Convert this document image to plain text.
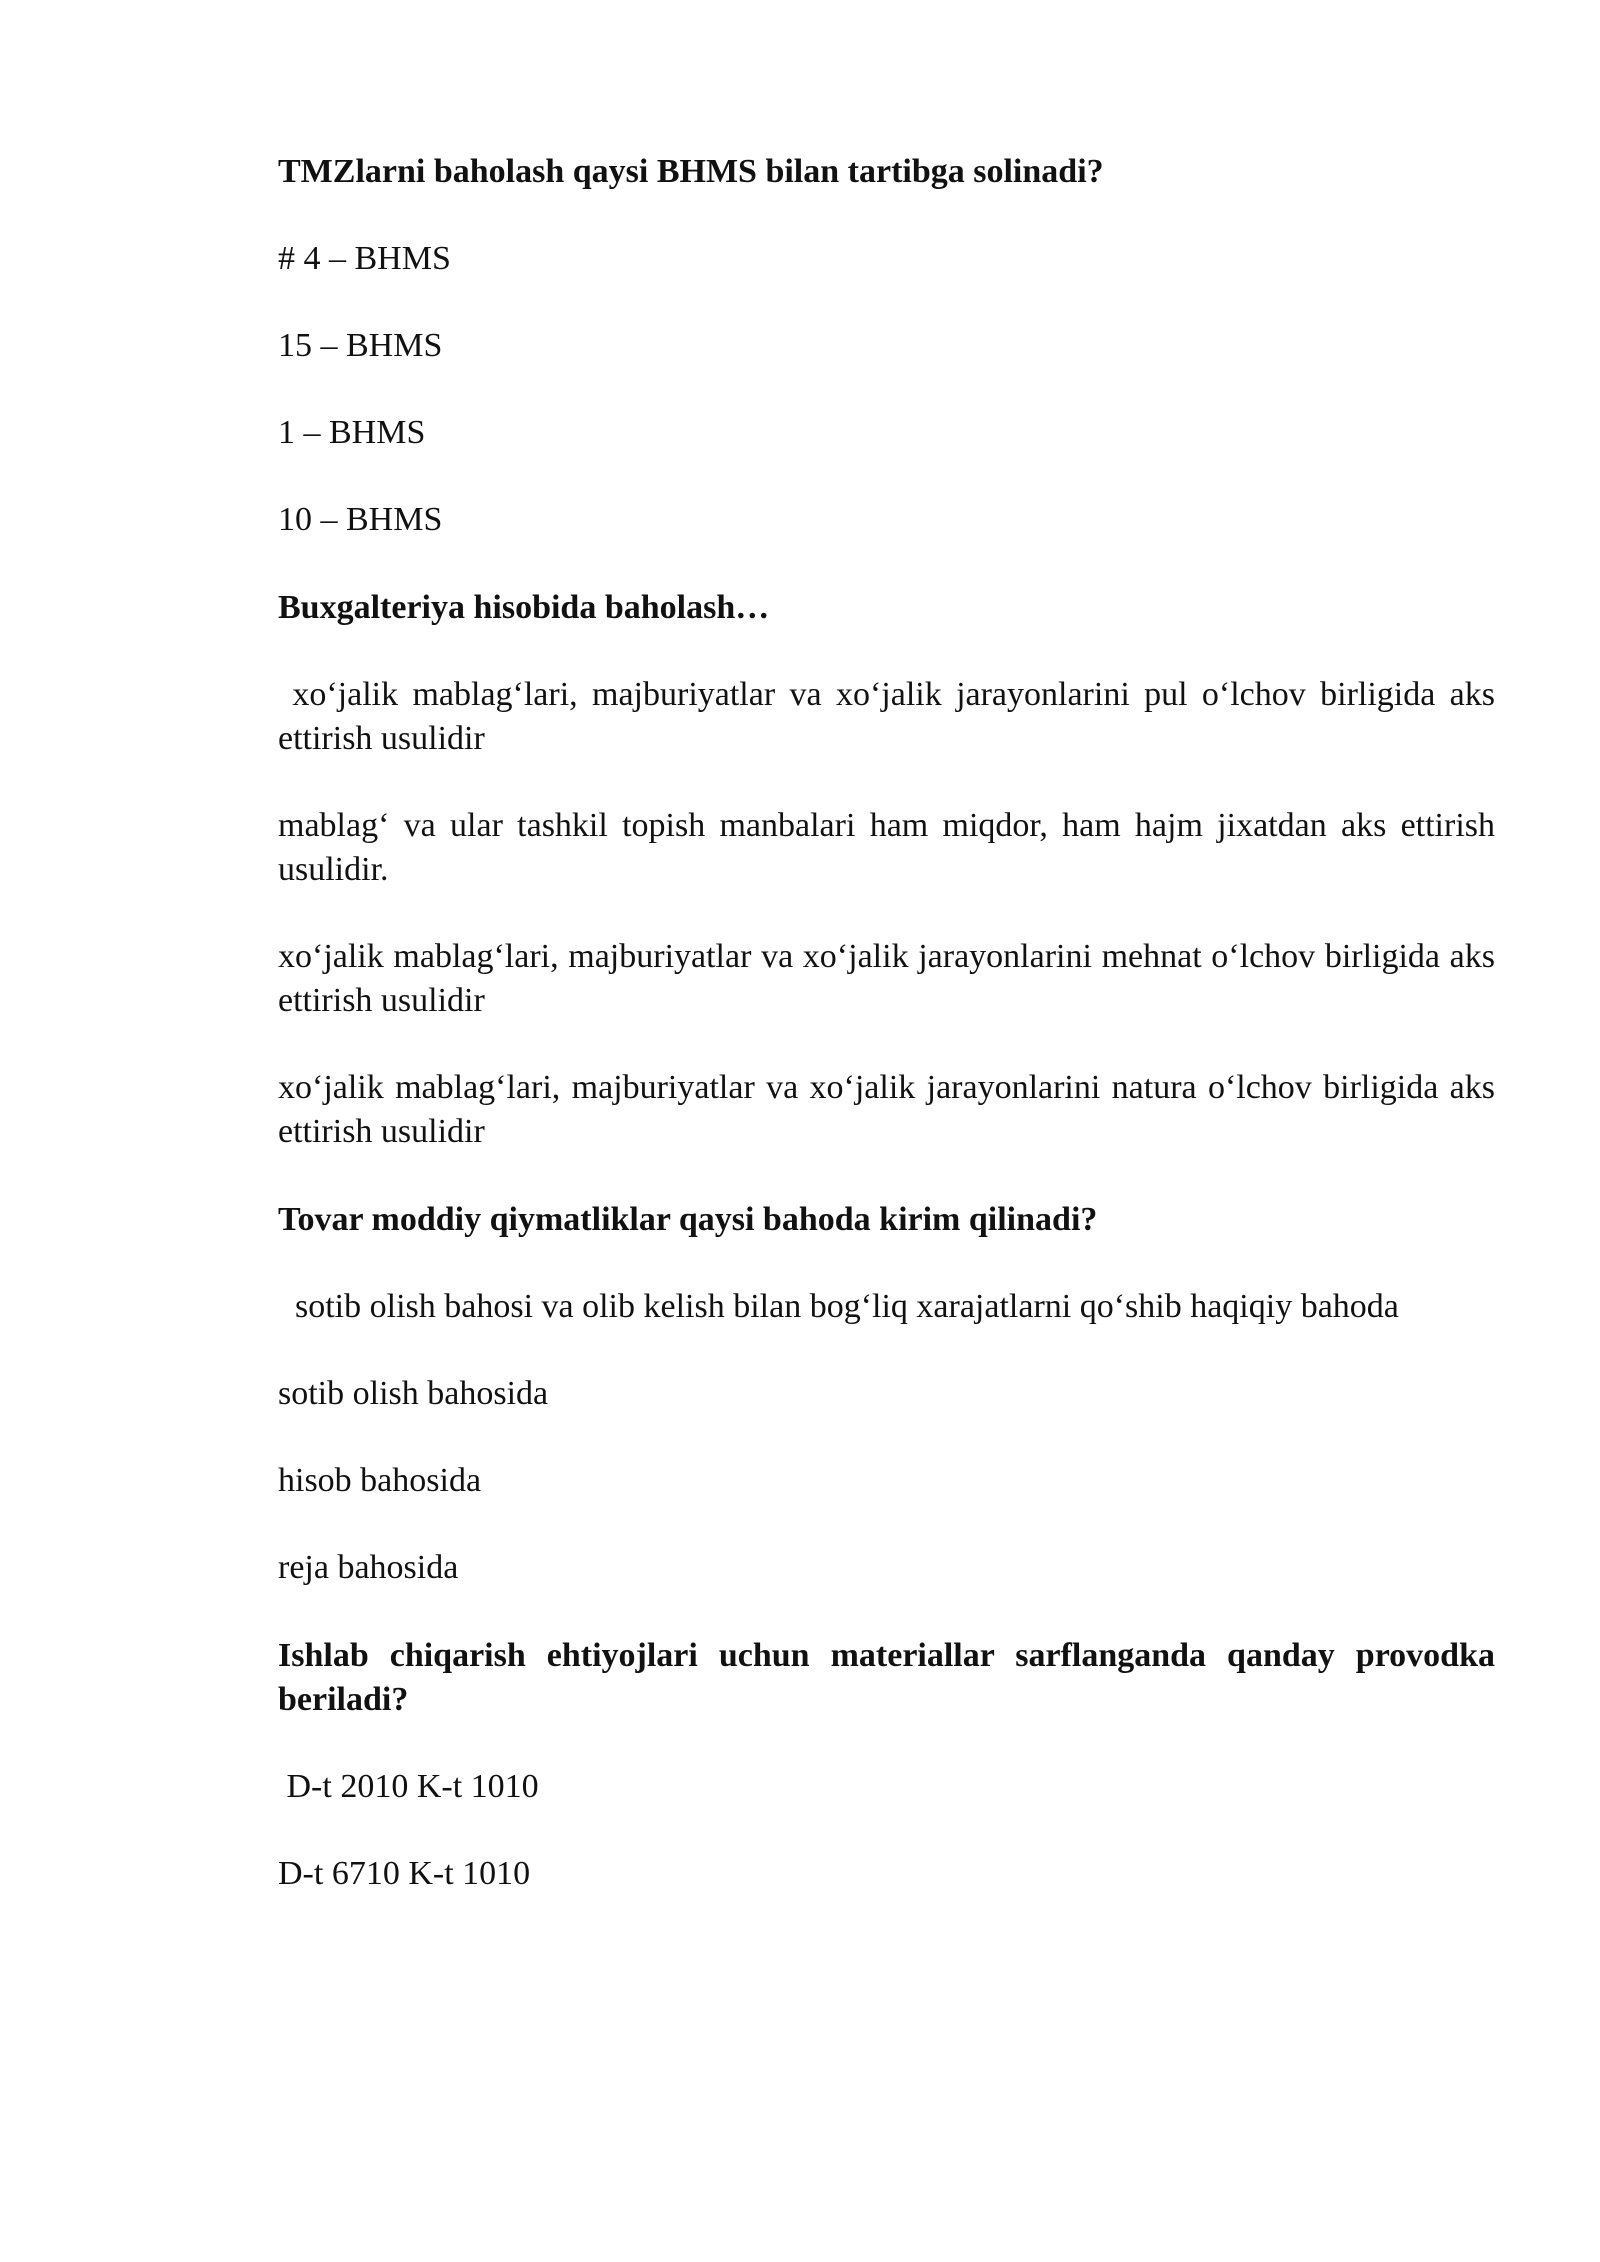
TMZlarni baholash qaysi BHMS bilan tartibga solinadi?

# 4 – BHMS

15 – BHMS

1 – BHMS

10 – BHMS

Buxgalteriya hisobida baholash…

xo‘jalik mablag‘lari, majburiyatlar va xo‘jalik jarayonlarini pul o‘lchov birligida aks ettirish usulidir

mablag‘ va ular tashkil topish manbalari ham miqdor, ham hajm jixatdan aks ettirish usulidir.

xo‘jalik mablag‘lari, majburiyatlar va xo‘jalik jarayonlarini mehnat o‘lchov birligida aks ettirish usulidir

xo‘jalik mablag‘lari, majburiyatlar va xo‘jalik jarayonlarini natura o‘lchov birligida aks ettirish usulidir

Tovar moddiy qiymatliklar qaysi bahoda kirim qilinadi?

sotib olish bahosi va olib kelish bilan bog‘liq xarajatlarni qo‘shib haqiqiy bahoda

sotib olish bahosida

hisob bahosida

reja bahosida

Ishlab chiqarish ehtiyojlari uchun materiallar sarflanganda qanday provodka beriladi?

D-t 2010 K-t 1010

D-t 6710 K-t 1010
